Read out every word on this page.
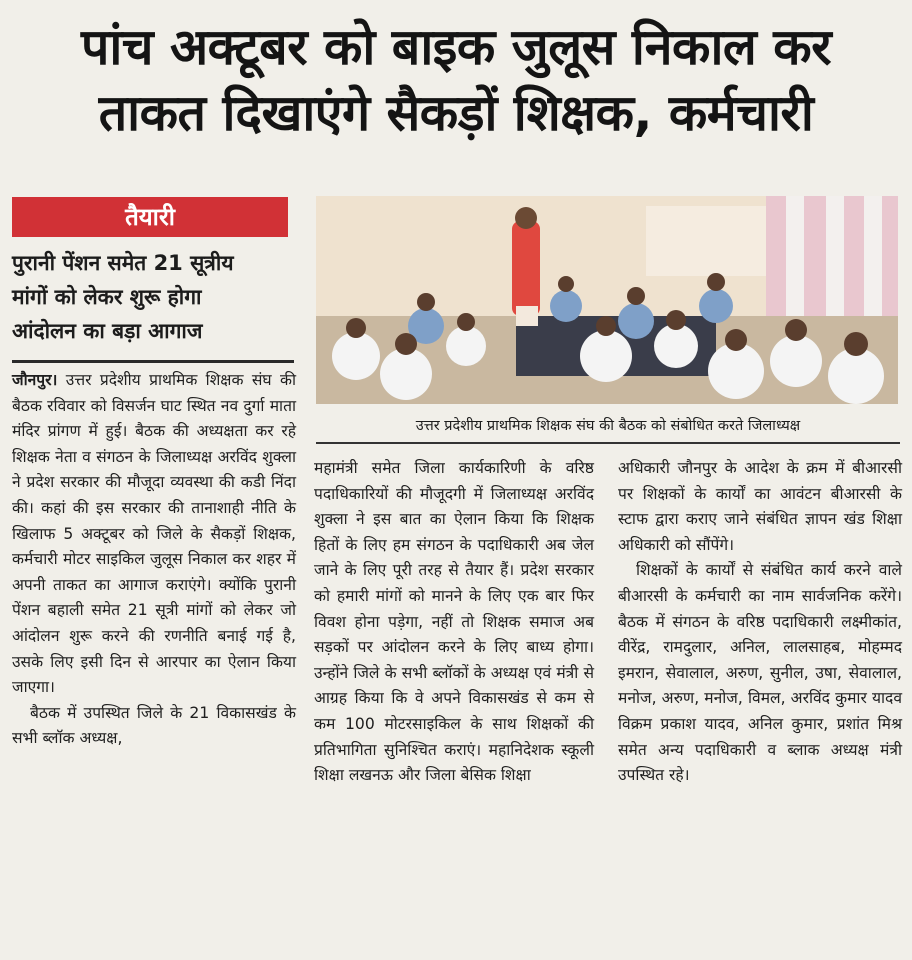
पांच अक्टूबर को बाइक जुलूस निकाल कर
ताकत दिखाएंगे सैकड़ों शिक्षक, कर्मचारी
तैयारी
पुरानी पेंशन समेत 21 सूत्रीय
मांगों को लेकर शुरू होगा
आंदोलन का बड़ा आगाज
उत्तर प्रदेशीय प्राथमिक शिक्षक संघ की बैठक को संबोधित करते जिलाध्यक्ष

जौनपुर। उत्तर प्रदेशीय प्राथमिक शिक्षक संघ की बैठक रविवार को विसर्जन घाट स्थित नव दुर्गा माता मंदिर प्रांगण में हुई। बैठक की अध्यक्षता कर रहे शिक्षक नेता व संगठन के जिलाध्यक्ष अरविंद शुक्ला ने प्रदेश सरकार की मौजूदा व्यवस्था की कडी निंदा की। कहां की इस सरकार की तानाशाही नीति के खिलाफ 5 अक्टूबर को जिले के सैकड़ों शिक्षक, कर्मचारी मोटर साइकिल जुलूस निकाल कर शहर में अपनी ताकत का आगाज कराएंगे। क्योंकि पुरानी पेंशन बहाली समेत 21 सूत्री मांगों को लेकर जो आंदोलन शुरू करने की रणनीति बनाई गई है, उसके लिए इसी दिन से आरपार का ऐलान किया जाएगा।

बैठक में उपस्थित जिले के 21 विकासखंड के सभी ब्लॉक अध्यक्ष,

महामंत्री समेत जिला कार्यकारिणी के वरिष्ठ पदाधिकारियों की मौजूदगी में जिलाध्यक्ष अरविंद शुक्ला ने इस बात का ऐलान किया कि शिक्षक हितों के लिए हम संगठन के पदाधिकारी अब जेल जाने के लिए पूरी तरह से तैयार हैं। प्रदेश सरकार को हमारी मांगों को मानने के लिए एक बार फिर विवश होना पड़ेगा, नहीं तो शिक्षक समाज अब सड़कों पर आंदोलन करने के लिए बाध्य होगा। उन्होंने जिले के सभी ब्लॉकों के अध्यक्ष एवं मंत्री से आग्रह किया कि वे अपने विकासखंड से कम से कम 100 मोटरसाइकिल के साथ शिक्षकों की प्रतिभागिता सुनिश्चित कराएं। महानिदेशक स्कूली शिक्षा लखनऊ और जिला बेसिक शिक्षा

अधिकारी जौनपुर के आदेश के क्रम में बीआरसी पर शिक्षकों के कार्यों का आवंटन बीआरसी के स्टाफ द्वारा कराए जाने संबंधित ज्ञापन खंड शिक्षा अधिकारी को सौंपेंगे।

शिक्षकों के कार्यों से संबंधित कार्य करने वाले बीआरसी के कर्मचारी का नाम सार्वजनिक करेंगे। बैठक में संगठन के वरिष्ठ पदाधिकारी लक्ष्मीकांत, वीरेंद्र, रामदुलार, अनिल, लालसाहब, मोहम्मद इमरान, सेवालाल, अरुण, सुनील, उषा, सेवालाल, मनोज, अरुण, मनोज, विमल, अरविंद कुमार यादव विक्रम प्रकाश यादव, अनिल कुमार, प्रशांत मिश्र समेत अन्य पदाधिकारी व ब्लाक अध्यक्ष मंत्री उपस्थित रहे।
